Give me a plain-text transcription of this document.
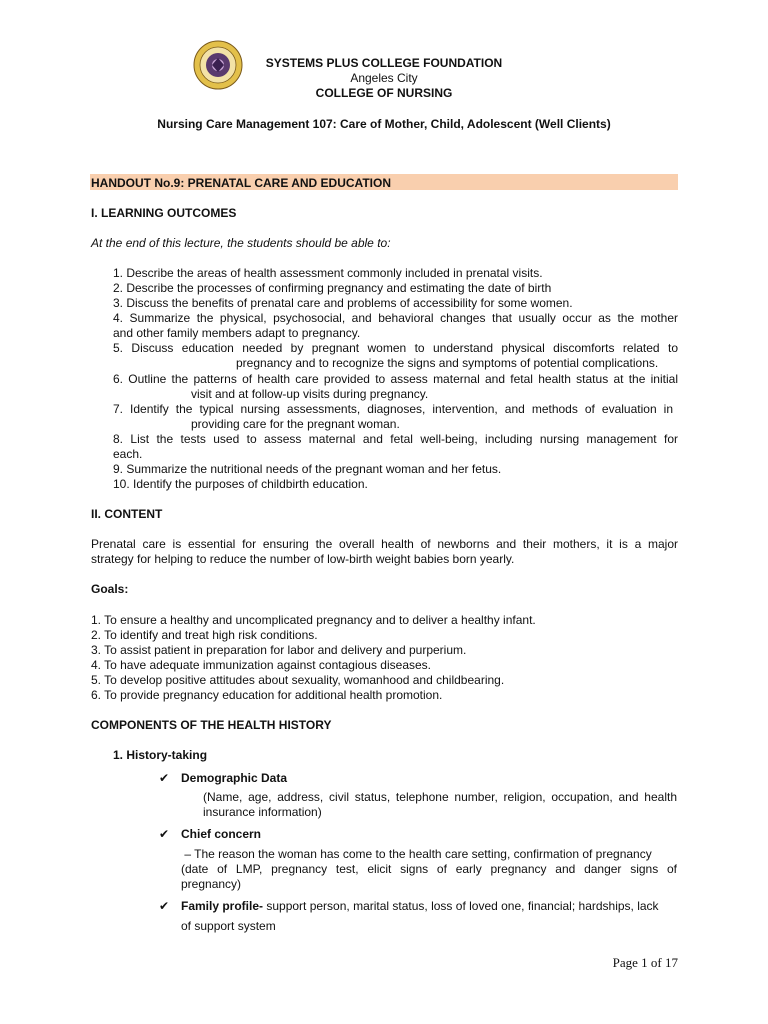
SYSTEMS PLUS COLLEGE FOUNDATION
Angeles City
COLLEGE OF NURSING
Nursing Care Management 107: Care of Mother, Child, Adolescent (Well Clients)
HANDOUT No.9: PRENATAL CARE AND EDUCATION
I. LEARNING OUTCOMES
At the end of this lecture, the students should be able to:
1. Describe the areas of health assessment commonly included in prenatal visits.
2. Describe the processes of confirming pregnancy and estimating the date of birth
3. Discuss the benefits of prenatal care and problems of accessibility for some women.
4. Summarize the physical, psychosocial, and behavioral changes that usually occur as the mother
and other family members adapt to pregnancy.
5. Discuss education needed by pregnant women to understand physical discomforts related to
pregnancy and to recognize the signs and symptoms of potential complications.
6. Outline the patterns of health care provided to assess maternal and fetal health status at the initial
visit and at follow-up visits during pregnancy.
7. Identify the typical nursing assessments, diagnoses, intervention, and methods of evaluation in
providing care for the pregnant woman.
8. List the tests used to assess maternal and fetal well-being, including nursing management for
each.
9. Summarize the nutritional needs of the pregnant woman and her fetus.
10. Identify the purposes of childbirth education.
II. CONTENT
Prenatal care is essential for ensuring the overall health of newborns and their mothers, it is a major
strategy for helping to reduce the number of low-birth weight babies born yearly.
Goals:
1. To ensure a healthy and uncomplicated pregnancy and to deliver a healthy infant.
2. To identify and treat high risk conditions.
3. To assist patient in preparation for labor and delivery and purperium.
4. To have adequate immunization against contagious diseases.
5. To develop positive attitudes about sexuality, womanhood and childbearing.
6. To provide pregnancy education for additional health promotion.
COMPONENTS OF THE HEALTH HISTORY
1. History-taking
✔ Demographic Data
(Name, age, address, civil status, telephone number, religion, occupation, and health
insurance information)
✔ Chief concern
– The reason the woman has come to the health care setting, confirmation of pregnancy
(date of LMP, pregnancy test, elicit signs of early pregnancy and danger signs of
pregnancy)
✔ Family profile- support person, marital status, loss of loved one, financial; hardships, lack
of support system
Page 1 of 17
